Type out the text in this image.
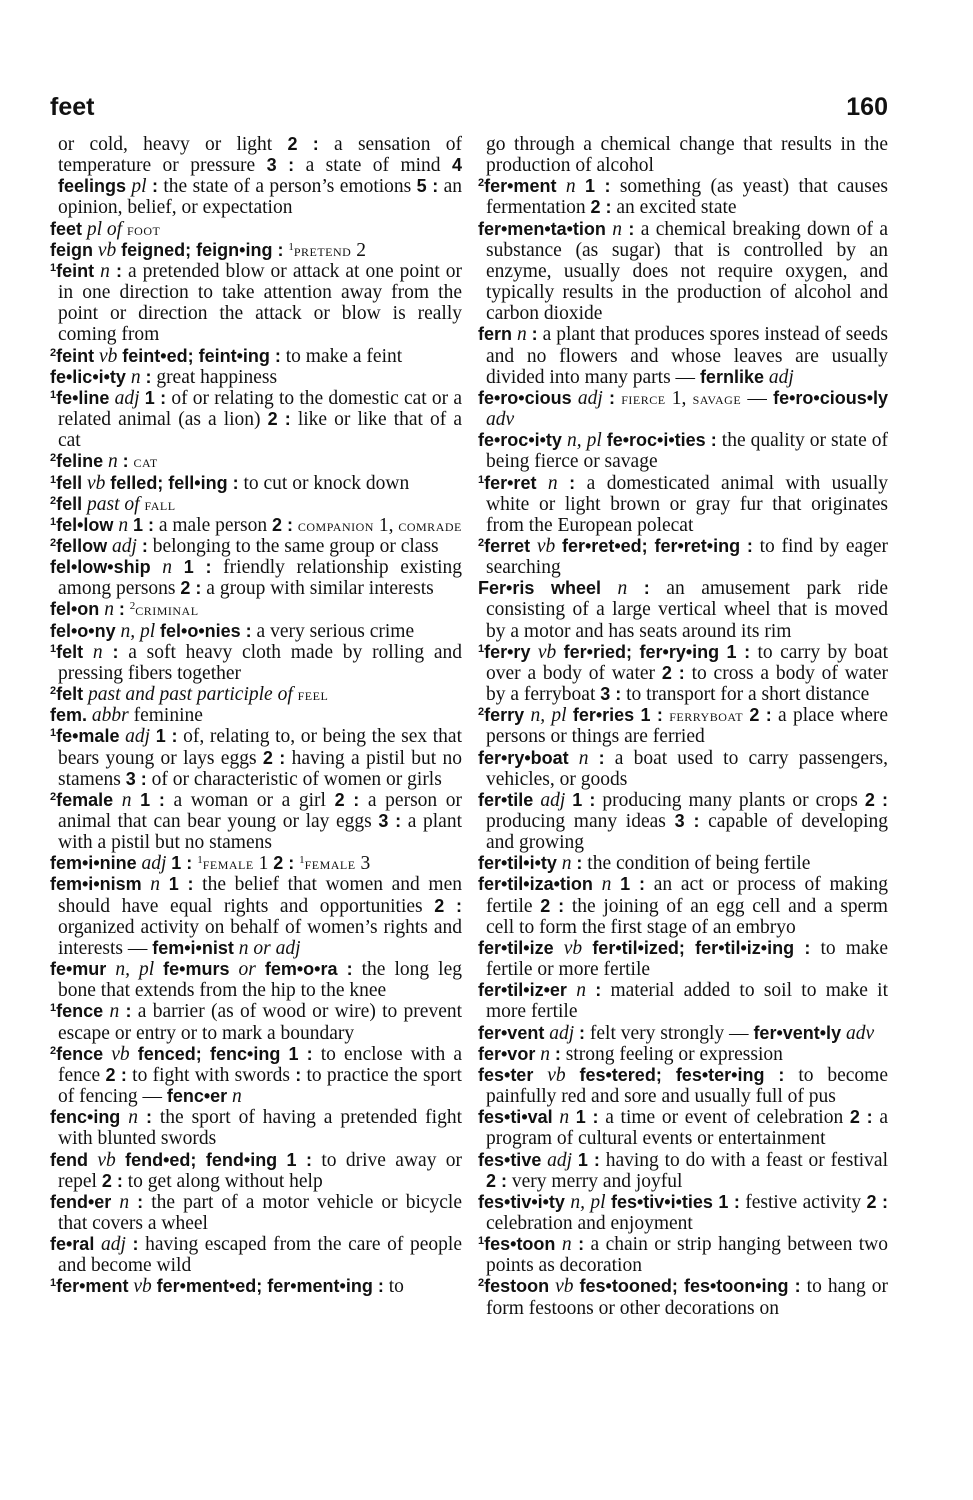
feet	160

or cold, heavy or light 2 : a sensation of temperature or pressure 3 : a state of mind 4 feelings pl : the state of a person’s emotions 5 : an opinion, belief, or expectation

feet pl of foot

feign vb feigned; feign•ing : $^1$pretend 2

$^1$feint n : a pretended blow or attack at one point or in one direction to take attention away from the point or direction the attack or blow is really coming from

$^2$feint vb feint•ed; feint•ing : to make a feint

fe•lic•i•ty n : great happiness

$^1$fe•line adj 1 : of or relating to the domestic cat or a related animal (as a lion) 2 : like or like that of a cat

$^2$feline n : cat

$^1$fell vb felled; fell•ing : to cut or knock down

$^2$fell past of fall

$^1$fel•low n 1 : a male person 2 : companion 1, comrade

$^2$fellow adj : belonging to the same group or class

fel•low•ship n 1 : friendly relationship existing among persons 2 : a group with similar interests

fel•on n : $^2$criminal

fel•o•ny n, pl fel•o•nies : a very serious crime

$^1$felt n : a soft heavy cloth made by rolling and pressing fibers together

$^2$felt past and past participle of feel

fem. abbr feminine

$^1$fe•male adj 1 : of, relating to, or being the sex that bears young or lays eggs 2 : having a pistil but no stamens 3 : of or characteristic of women or girls

$^2$female n 1 : a woman or a girl 2 : a person or animal that can bear young or lay eggs 3 : a plant with a pistil but no stamens

fem•i•nine adj 1 : $^1$female 1 2 : $^1$female 3

fem•i•nism n 1 : the belief that women and men should have equal rights and opportunities 2 : organized activity on behalf of women’s rights and interests — fem•i•nist n or adj

fe•mur n, pl fe•murs or fem•o•ra : the long leg bone that extends from the hip to the knee

$^1$fence n : a barrier (as of wood or wire) to prevent escape or entry or to mark a boundary

$^2$fence vb fenced; fenc•ing 1 : to enclose with a fence 2 : to fight with swords : to practice the sport of fencing — fenc•er n

fenc•ing n : the sport of having a pretended fight with blunted swords

fend vb fend•ed; fend•ing 1 : to drive away or repel 2 : to get along without help

fend•er n : the part of a motor vehicle or bicycle that covers a wheel

fe•ral adj : having escaped from the care of people and become wild

$^1$fer•ment vb fer•ment•ed; fer•ment•ing : to

go through a chemical change that results in the production of alcohol

$^2$fer•ment n 1 : something (as yeast) that causes fermentation 2 : an excited state

fer•men•ta•tion n : a chemical breaking down of a substance (as sugar) that is controlled by an enzyme, usually does not require oxygen, and typically results in the production of alcohol and carbon dioxide

fern n : a plant that produces spores instead of seeds and no flowers and whose leaves are usually divided into many parts — fernlike adj

fe•ro•cious adj : fierce 1, savage — fe•ro•cious•ly adv

fe•roc•i•ty n, pl fe•roc•i•ties : the quality or state of being fierce or savage

$^1$fer•ret n : a domesticated animal with usually white or light brown or gray fur that originates from the European polecat

$^2$ferret vb fer•ret•ed; fer•ret•ing : to find by eager searching

Fer•ris wheel n : an amusement park ride consisting of a large vertical wheel that is moved by a motor and has seats around its rim

$^1$fer•ry vb fer•ried; fer•ry•ing 1 : to carry by boat over a body of water 2 : to cross a body of water by a ferryboat 3 : to transport for a short distance

$^2$ferry n, pl fer•ries 1 : ferryboat 2 : a place where persons or things are ferried

fer•ry•boat n : a boat used to carry passengers, vehicles, or goods

fer•tile adj 1 : producing many plants or crops 2 : producing many ideas 3 : capable of developing and growing

fer•til•i•ty n : the condition of being fertile

fer•til•iza•tion n 1 : an act or process of making fertile 2 : the joining of an egg cell and a sperm cell to form the first stage of an embryo

fer•til•ize vb fer•til•ized; fer•til•iz•ing : to make fertile or more fertile

fer•til•iz•er n : material added to soil to make it more fertile

fer•vent adj : felt very strongly — fer•vent•ly adv

fer•vor n : strong feeling or expression

fes•ter vb fes•tered; fes•ter•ing : to become painfully red and sore and usually full of pus

fes•ti•val n 1 : a time or event of celebration 2 : a program of cultural events or entertainment

fes•tive adj 1 : having to do with a feast or festival 2 : very merry and joyful

fes•tiv•i•ty n, pl fes•tiv•i•ties 1 : festive activity 2 : celebration and enjoyment

$^1$fes•toon n : a chain or strip hanging between two points as decoration

$^2$festoon vb fes•tooned; fes•toon•ing : to hang or form festoons or other decorations on
